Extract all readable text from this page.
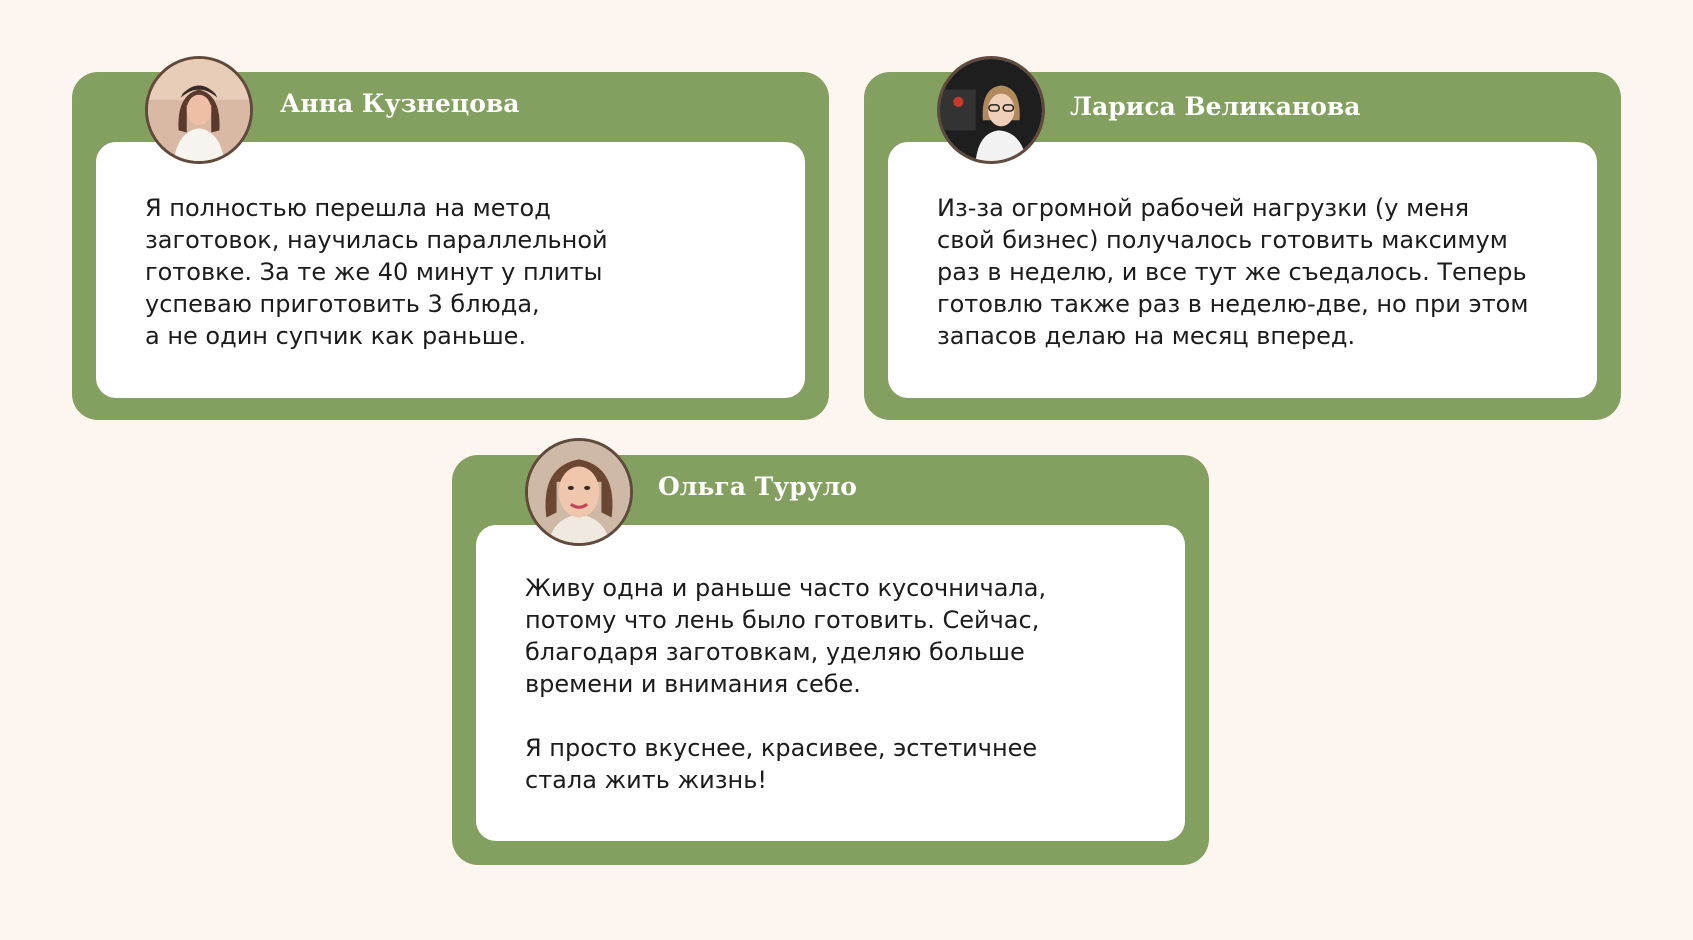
Я полностью перешла на метод
заготовок, научилась параллельной
готовке. За те же 40 минут у плиты
успеваю приготовить 3 блюда,
а не один супчик как раньше.
Анна Кузнецова
Из-за огромной рабочей нагрузки (у меня
свой бизнес) получалось готовить максимум
раз в неделю, и все тут же съедалось. Теперь
готовлю также раз в неделю-две, но при этом
запасов делаю на месяц вперед.
Лариса Великанова
Живу одна и раньше часто кусочничала,
потому что лень было готовить. Сейчас,
благодаря заготовкам, уделяю больше
времени и внимания себе.

Я просто вкуснее, красивее, эстетичнее
стала жить жизнь!
Ольга Туруло
